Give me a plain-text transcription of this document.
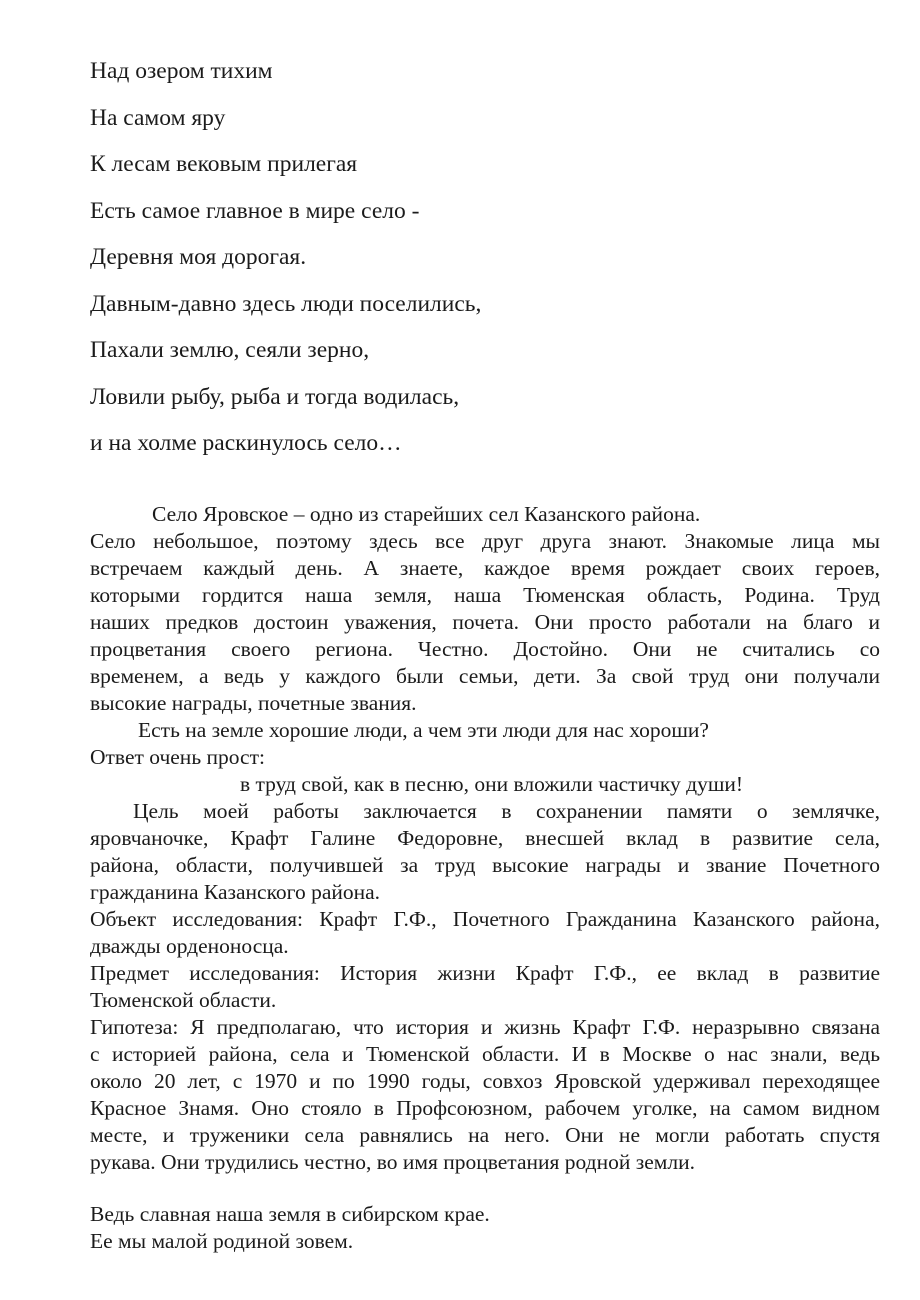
Над озером тихим
На самом яру
К лесам вековым прилегая
Есть самое главное в мире село -
Деревня моя дорогая.
Давным-давно здесь люди поселились,
Пахали землю, сеяли зерно,
Ловили рыбу, рыба и тогда водилась,
и на холме раскинулось село…
Село Яровское – одно из старейших сел Казанского района.
Село небольшое, поэтому здесь все друг друга знают. Знакомые лица мы
встречаем каждый день. А знаете, каждое время рождает своих героев,
которыми гордится наша земля, наша Тюменская область, Родина. Труд
наших предков достоин уважения, почета. Они просто работали на благо и
процветания своего региона. Честно. Достойно. Они не считались со
временем, а ведь у каждого были семьи, дети. За свой труд они получали
высокие награды, почетные звания.
Есть на земле хорошие люди, а чем эти люди для нас хороши?
Ответ очень прост:
в труд свой, как в песню, они вложили частичку души!
Цель моей работы заключается в сохранении памяти о землячке,
яровчаночке, Крафт Галине Федоровне, внесшей вклад в развитие села,
района, области, получившей за труд высокие награды и звание Почетного
гражданина Казанского района.
Объект исследования: Крафт Г.Ф., Почетного Гражданина Казанского района,
дважды орденоносца.
Предмет исследования: История жизни Крафт Г.Ф., ее вклад в развитие
Тюменской области.
Гипотеза: Я предполагаю, что история и жизнь Крафт Г.Ф. неразрывно связана
с историей района, села и Тюменской области. И в Москве о нас знали, ведь
около 20 лет, с 1970 и по 1990 годы, совхоз Яровской удерживал переходящее
Красное Знамя. Оно стояло в Профсоюзном, рабочем уголке, на самом видном
месте, и труженики села равнялись на него. Они не могли работать спустя
рукава. Они трудились честно, во имя процветания родной земли.
Ведь славная наша земля в сибирском крае.
Ее мы малой родиной зовем.
